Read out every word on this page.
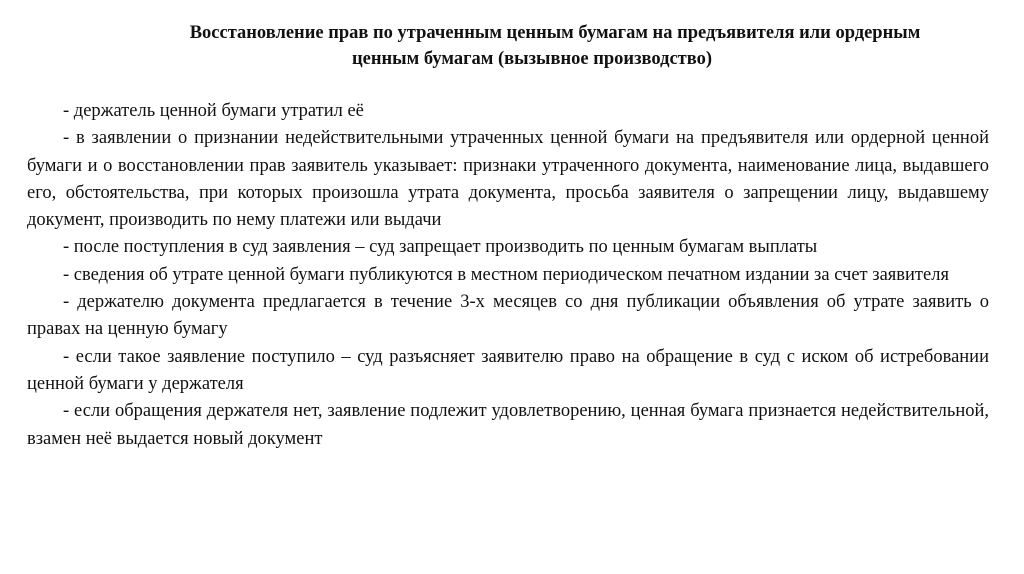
Восстановление прав по утраченным ценным бумагам на предъявителя или ордерным
ценным бумагам (вызывное производство)

- держатель ценной бумаги утратил её

- в заявлении о признании недействительными утраченных ценной бумаги на предъявителя или ордерной ценной бумаги и о восстановлении прав заявитель указывает: признаки утраченного документа, наименование лица, выдавшего его, обстоятельства, при которых произошла утрата документа, просьба заявителя о запрещении лицу, выдавшему документ, производить по нему платежи или выдачи

- после поступления в суд заявления – суд запрещает производить по ценным бумагам выплаты

- сведения об утрате ценной бумаги публикуются в местном периодическом печатном издании за счет заявителя

- держателю документа предлагается в течение 3-х месяцев со дня публикации объявления об утрате заявить о правах на ценную бумагу

- если такое заявление поступило – суд разъясняет заявителю право на обращение в суд с иском об истребовании ценной бумаги у держателя

- если обращения держателя нет, заявление подлежит удовлетворению, ценная бумага признается недействительной, взамен неё выдается новый документ
